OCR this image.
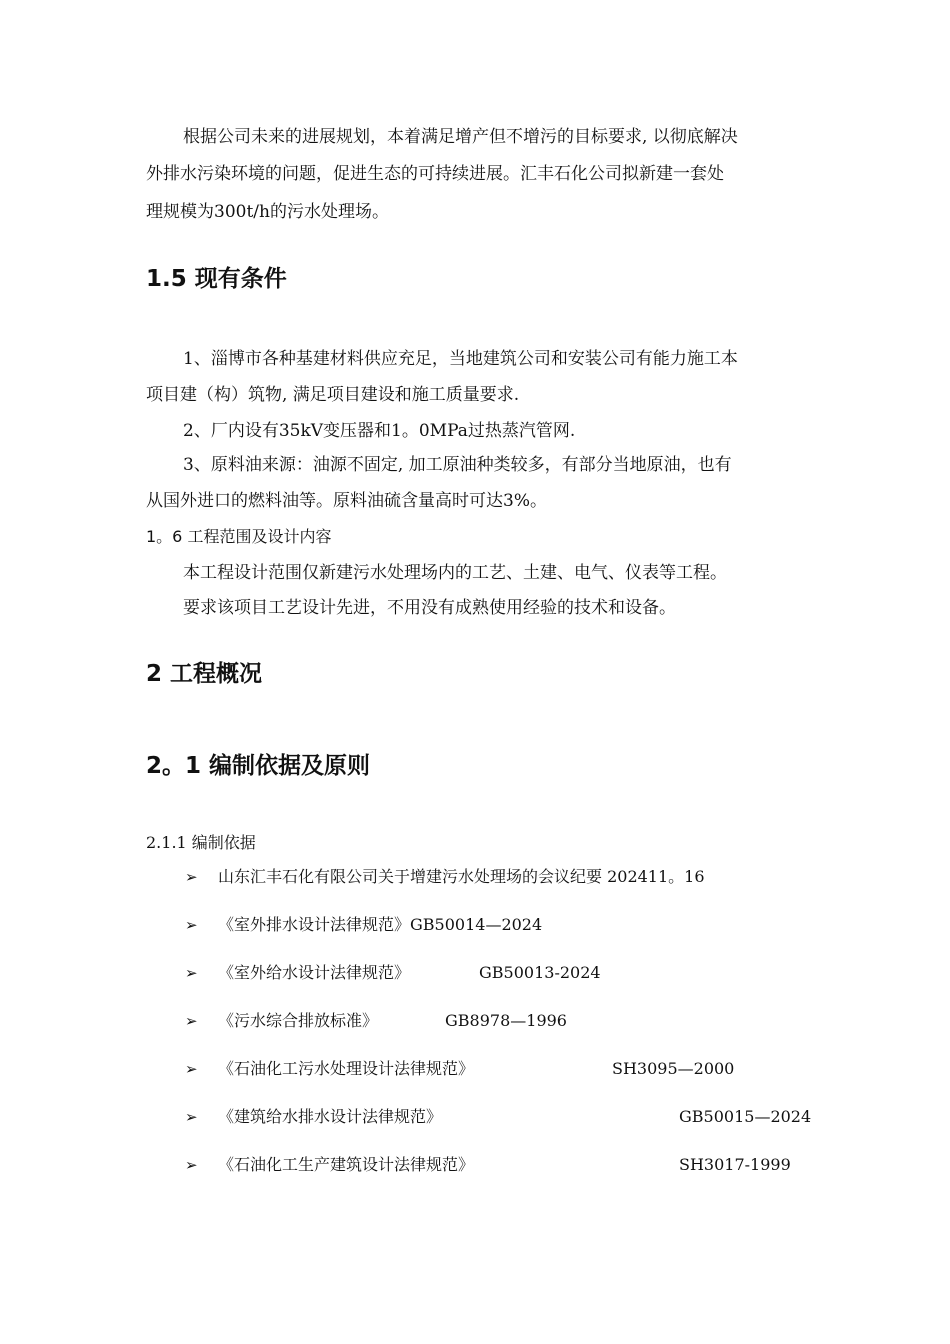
根据公司未来的进展规划，本着满足增产但不增污的目标要求, 以彻底解决
外排水污染环境的问题，促进生态的可持续进展。汇丰石化公司拟新建一套处
理规模为300t/h的污水处理场。
1.5 现有条件
1、淄博市各种基建材料供应充足，当地建筑公司和安装公司有能力施工本
项目建（构）筑物, 满足项目建设和施工质量要求.
2、厂内设有35kV变压器和1。0MPa过热蒸汽管网.
3、原料油来源：油源不固定, 加工原油种类较多，有部分当地原油，也有
从国外进口的燃料油等。原料油硫含量高时可达3%。
1。6 工程范围及设计内容
本工程设计范围仅新建污水处理场内的工艺、土建、电气、仪表等工程。
要求该项目工艺设计先进，不用没有成熟使用经验的技术和设备。
2 工程概况
2。1 编制依据及原则
2.1.1 编制依据
➢	山东汇丰石化有限公司关于增建污水处理场的会议纪要 202411。16
➢	《室外排水设计法律规范》GB50014—2024
➢	《室外给水设计法律规范》	GB50013-2024
➢	《污水综合排放标准》	GB8978—1996
➢	《石油化工污水处理设计法律规范》	SH3095—2000
➢	《建筑给水排水设计法律规范》	GB50015—2024
➢	《石油化工生产建筑设计法律规范》	SH3017-1999
